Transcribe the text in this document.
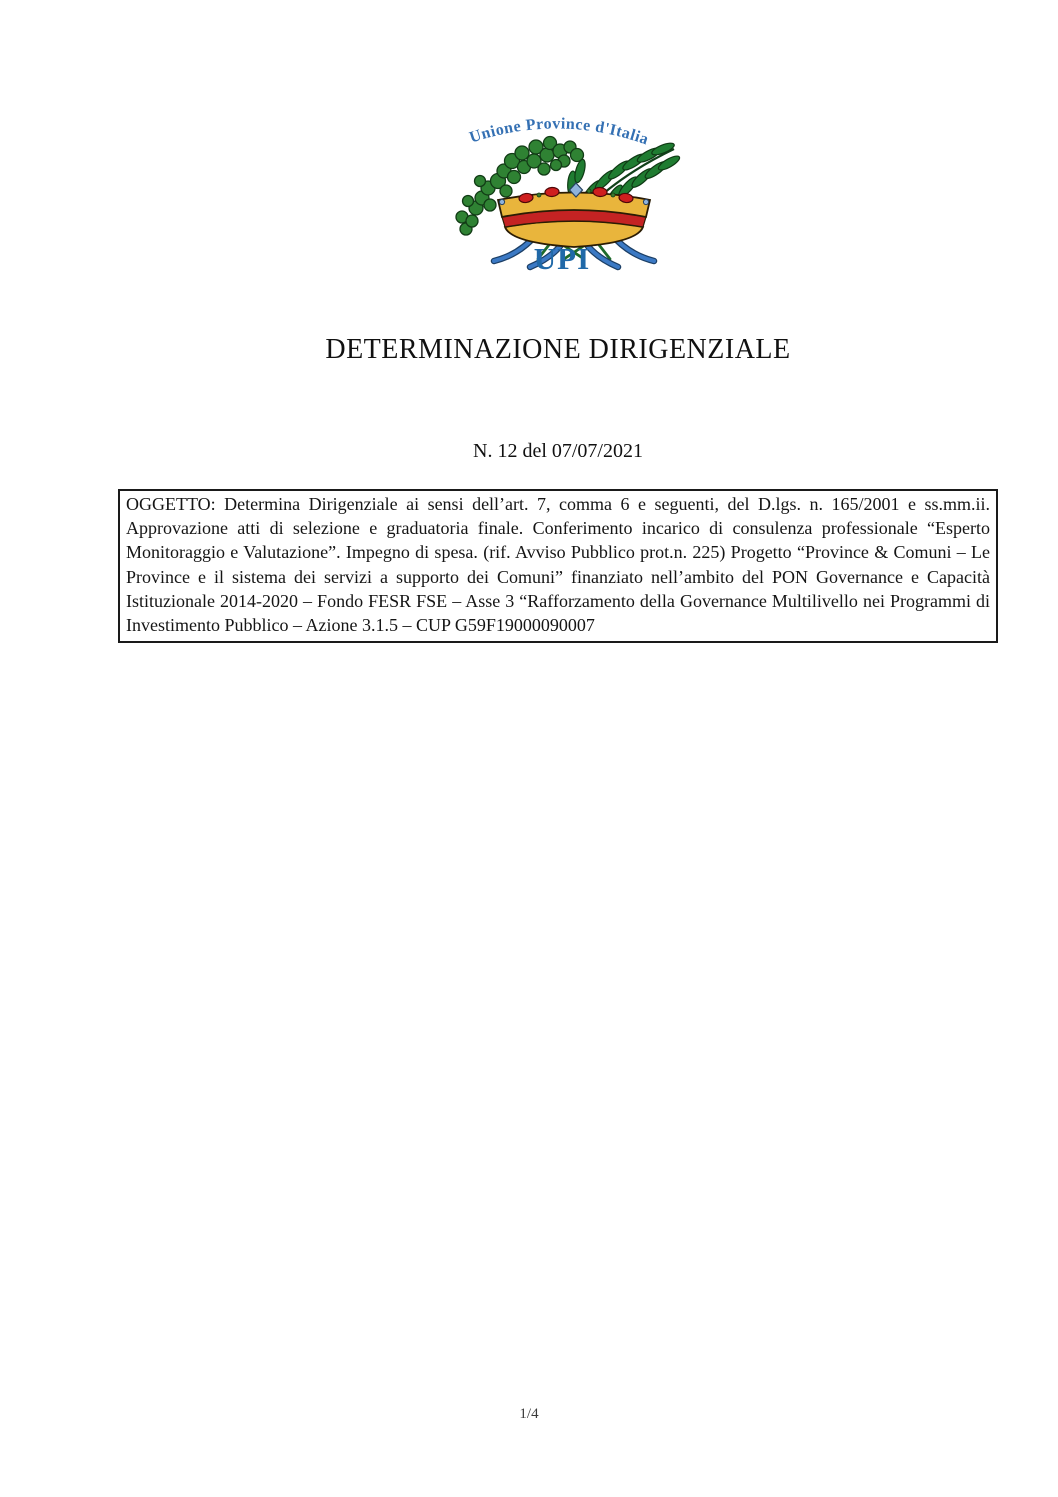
Unione Province d'Italia
UPI
DETERMINAZIONE DIRIGENZIALE
N. 12 del 07/07/2021
OGGETTO: Determina Dirigenziale ai sensi dell’art. 7, comma 6 e seguenti, del D.lgs. n. 165/2001 e ss.mm.ii. Approvazione atti di selezione e graduatoria finale. Conferimento incarico di consulenza professionale “Esperto Monitoraggio e Valutazione”. Impegno di spesa. (rif. Avviso Pubblico prot.n. 225) Progetto “Province & Comuni – Le Province e il sistema dei servizi a supporto dei Comuni” finanziato nell’ambito del PON Governance e Capacità Istituzionale 2014-2020 – Fondo FESR FSE – Asse 3 “Rafforzamento della Governance Multilivello nei Programmi di Investimento Pubblico – Azione 3.1.5 – CUP G59F19000090007
1/4
